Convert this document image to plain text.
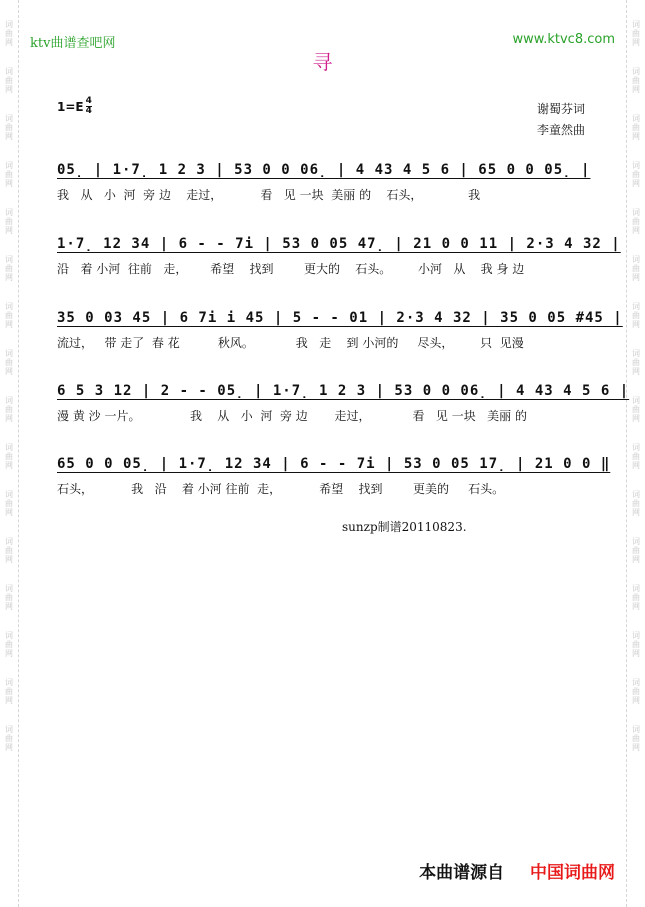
词
曲
网
词
曲
网
词
曲
网
词
曲
网
词
曲
网
词
曲
网
词
曲
网
词
曲
网
词
曲
网
词
曲
网
词
曲
网
词
曲
网
词
曲
网
词
曲
网
词
曲
网
词
曲
网
词
曲
网
词
曲
网
词
曲
网
词
曲
网
词
曲
网
词
曲
网
词
曲
网
词
曲
网
词
曲
网
词
曲
网
词
曲
网
词
曲
网
词
曲
网
词
曲
网
词
曲
网
词
曲
网
ktv曲谱查吧网	www.ktvc8.com
寻
$1=E \frac{4}{4}$	谢蜀芬词
李童然曲
05̣ | 1·7̣ 1 2 3 | 53 0 0 06̣ | 4 43 4 5 6 | 65 0 0 05̣ |
我   从   小  河  旁 边    走过，          看   见 一块  美丽 的    石头，            我
1·7̣ 12 34 | 6 - - 7i | 53 0 05 47̣ | 21 0 0 11 | 2·3 4 32 |
沿   着 小河  往前   走，      希望    找到        更大的    石头。       小河   从    我 身 边
35 0 03 45 | 6 7i i 45 | 5 - - 01 | 2·3 4 32 | 35 0 05 #45 |
流过，   带 走了  春 花          秋风。           我   走    到 小河的     尽头，       只  见漫
6 5 3 12 | 2 - - 05̣ | 1·7̣ 1 2 3 | 53 0 0 06̣ | 4 43 4 5 6 |
漫 黄 沙 一片。             我    从   小  河  旁 边       走过，           看   见 一块   美丽 的
65 0 0 05̣ | 1·7̣ 12 34 | 6 - - 7i | 53 0 05 17̣ | 21 0 0 ‖
石头，          我   沿    着 小河 往前  走，          希望    找到        更美的     石头。
sunzp制谱20110823.
本曲谱源自 中国词曲网
